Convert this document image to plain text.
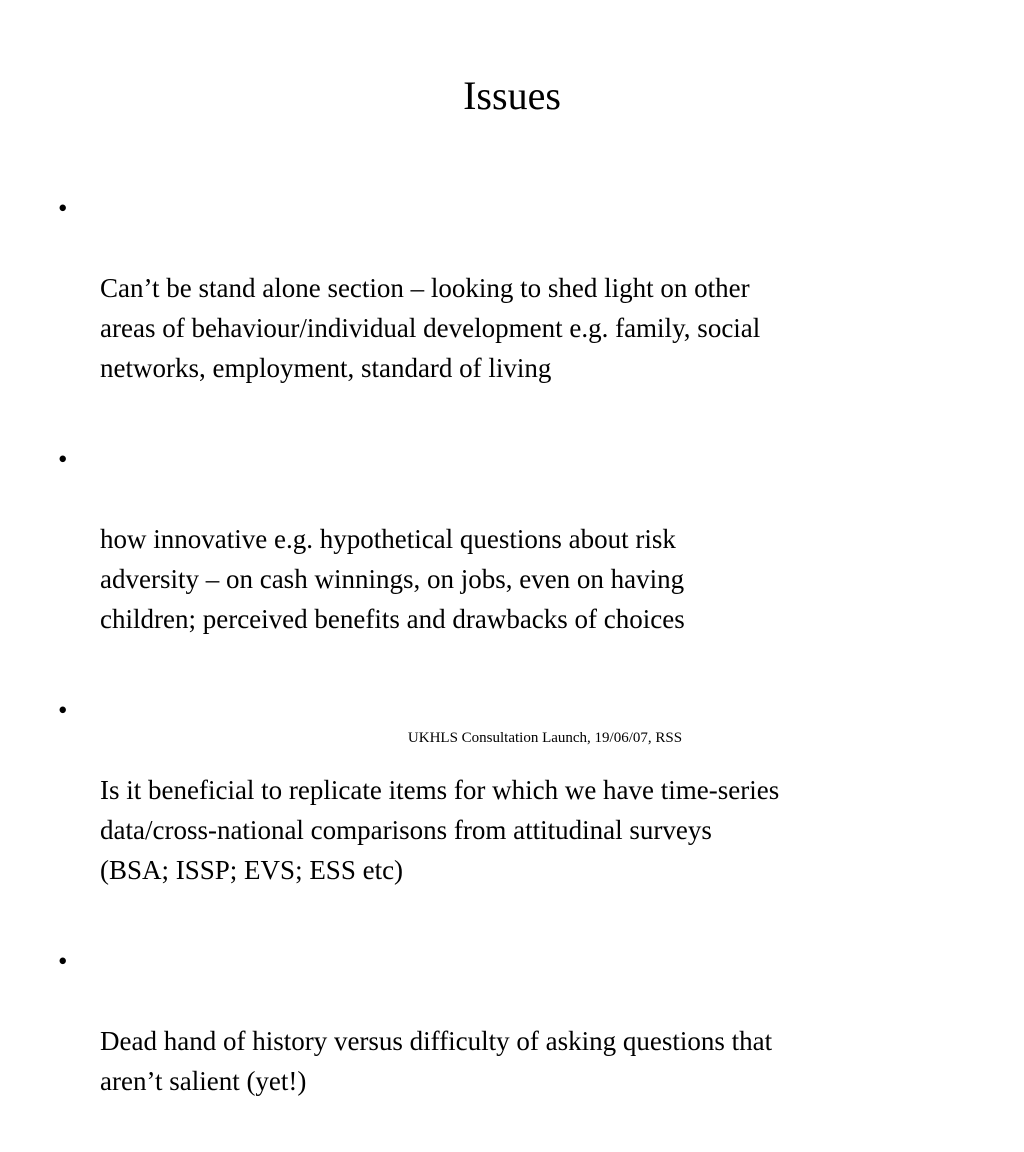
Issues

•

Can’t be stand alone section – looking to shed light on other
areas of behaviour/individual development e.g. family, social
networks, employment, standard of living

•

how innovative e.g. hypothetical questions about risk
adversity – on cash winnings, on jobs, even on having
children; perceived benefits and drawbacks of choices

•

Is it beneficial to replicate items for which we have time-series
data/cross-national comparisons from attitudinal surveys
(BSA; ISSP; EVS; ESS etc)

•

Dead hand of history versus difficulty of asking questions that
aren’t salient (yet!)

UKHLS Consultation Launch, 19/06/07, RSS
